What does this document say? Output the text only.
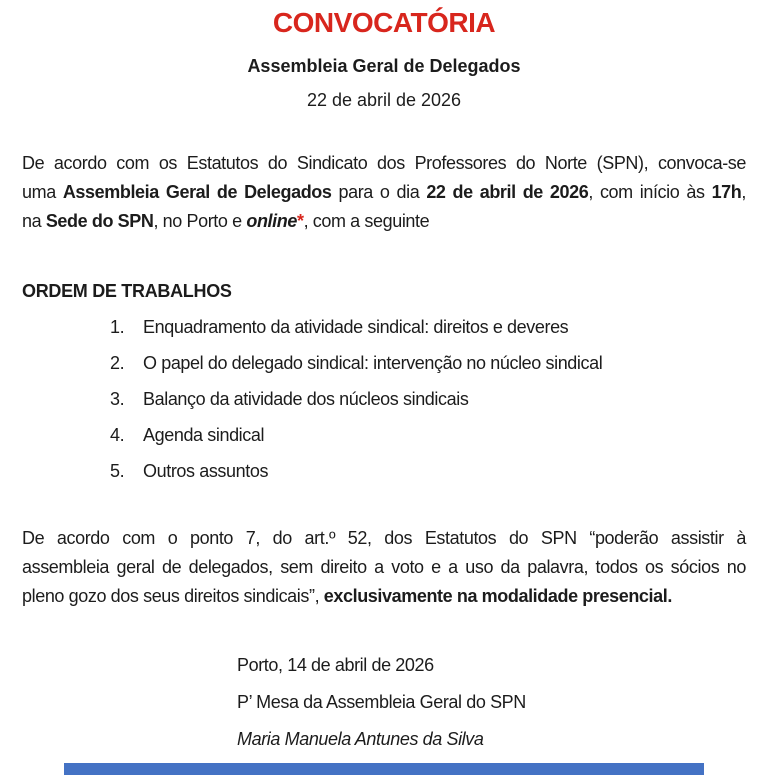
CONVOCATÓRIA
Assembleia Geral de Delegados
22 de abril de 2026
De acordo com os Estatutos do Sindicato dos Professores do Norte (SPN), convoca-se
uma Assembleia Geral de Delegados para o dia 22 de abril de 2026, com início às 17h,
na Sede do SPN, no Porto e online*, com a seguinte
ORDEM DE TRABALHOS
1. Enquadramento da atividade sindical: direitos e deveres
2. O papel do delegado sindical: intervenção no núcleo sindical
3. Balanço da atividade dos núcleos sindicais
4. Agenda sindical
5. Outros assuntos
De acordo com o ponto 7, do art.º 52, dos Estatutos do SPN “poderão assistir à
assembleia geral de delegados, sem direito a voto e a uso da palavra, todos os sócios no
pleno gozo dos seus direitos sindicais”, exclusivamente na modalidade presencial.
Porto, 14 de abril de 2026
P’ Mesa da Assembleia Geral do SPN
Maria Manuela Antunes da Silva
